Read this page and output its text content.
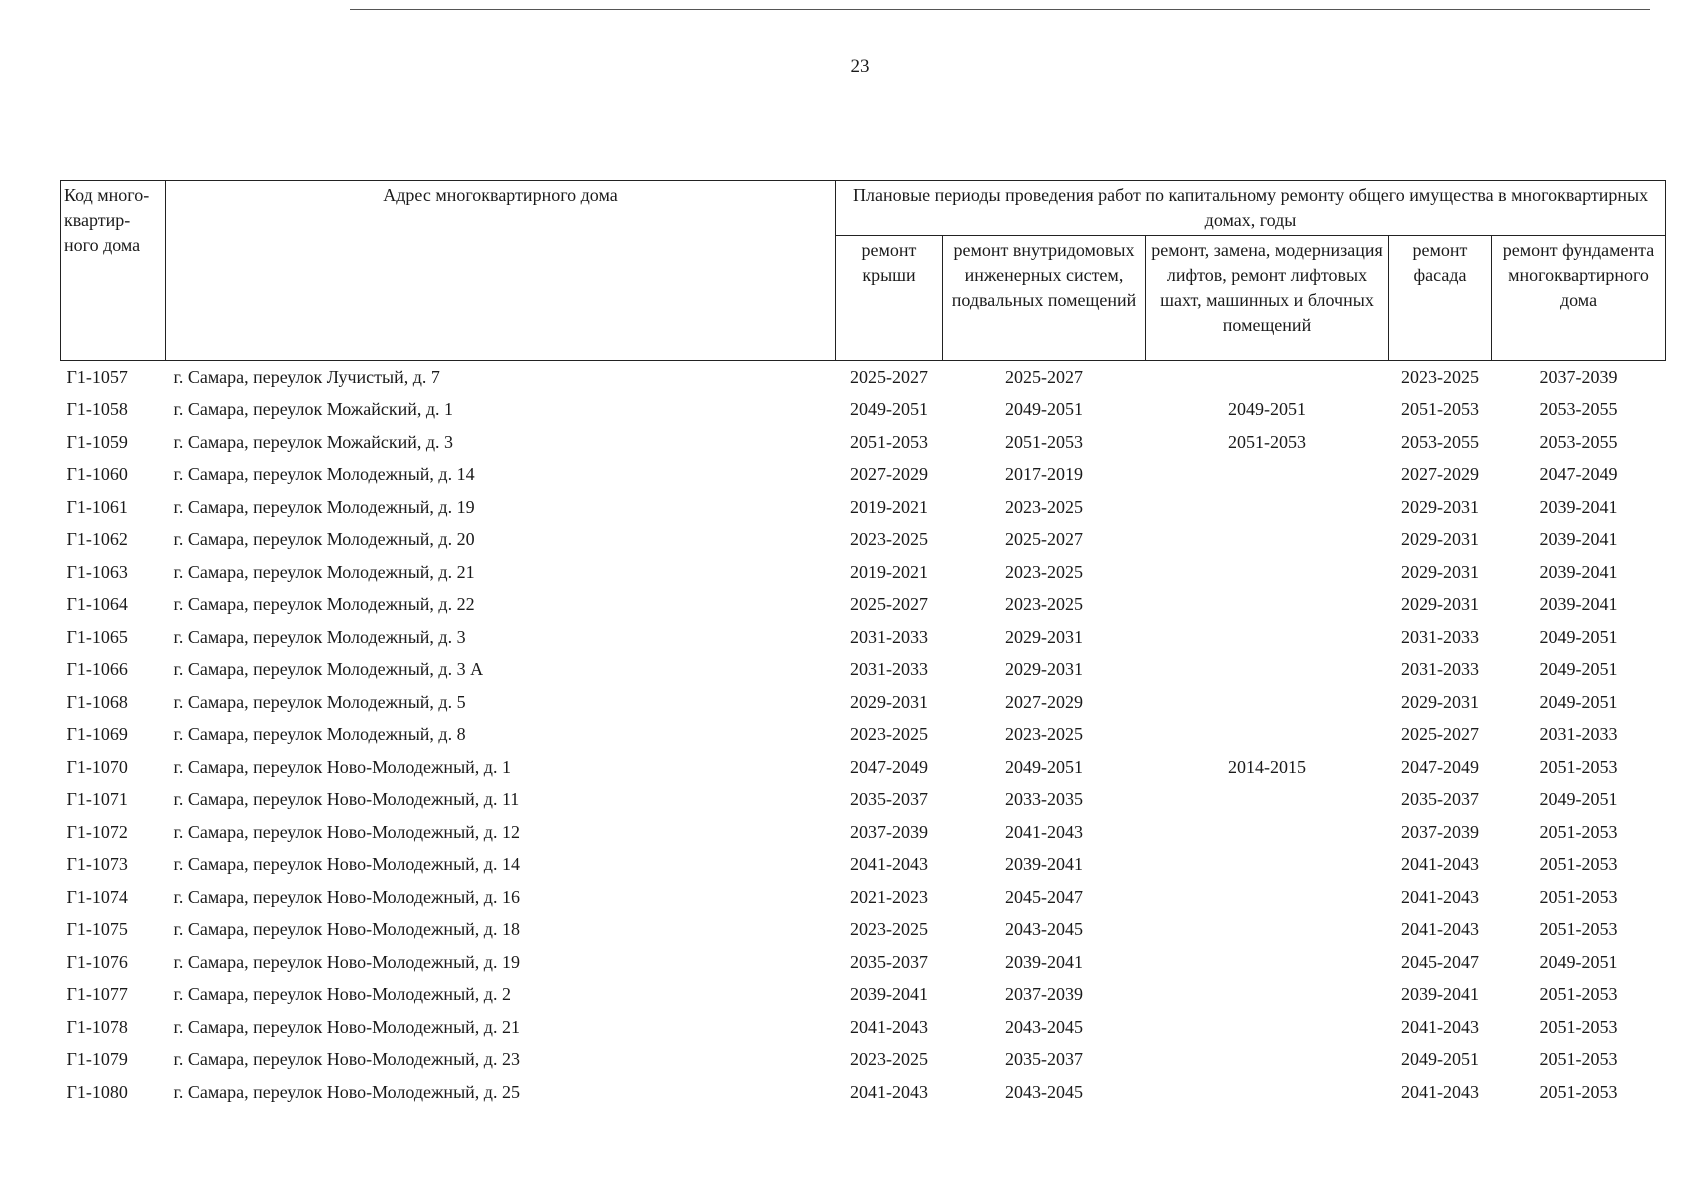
23
Код много-квартир-ного дома	Адрес многоквартирного дома	Плановые периоды проведения работ по капитальному ремонту общего имущества в многоквартирных домах, годы				
		ремонт крыши	ремонт внутридомовых инженерных систем, подвальных помещений	ремонт, замена, модернизация лифтов, ремонт лифтовых шахт, машинных и блочных помещений	ремонт фасада	ремонт фундамента многоквартирного дома
Г1-1057	г. Самара, переулок Лучистый, д. 7	2025-2027	2025-2027		2023-2025	2037-2039
Г1-1058	г. Самара, переулок Можайский, д. 1	2049-2051	2049-2051	2049-2051	2051-2053	2053-2055
Г1-1059	г. Самара, переулок Можайский, д. 3	2051-2053	2051-2053	2051-2053	2053-2055	2053-2055
Г1-1060	г. Самара, переулок Молодежный, д. 14	2027-2029	2017-2019		2027-2029	2047-2049
Г1-1061	г. Самара, переулок Молодежный, д. 19	2019-2021	2023-2025		2029-2031	2039-2041
Г1-1062	г. Самара, переулок Молодежный, д. 20	2023-2025	2025-2027		2029-2031	2039-2041
Г1-1063	г. Самара, переулок Молодежный, д. 21	2019-2021	2023-2025		2029-2031	2039-2041
Г1-1064	г. Самара, переулок Молодежный, д. 22	2025-2027	2023-2025		2029-2031	2039-2041
Г1-1065	г. Самара, переулок Молодежный, д. 3	2031-2033	2029-2031		2031-2033	2049-2051
Г1-1066	г. Самара, переулок Молодежный, д. 3 А	2031-2033	2029-2031		2031-2033	2049-2051
Г1-1068	г. Самара, переулок Молодежный, д. 5	2029-2031	2027-2029		2029-2031	2049-2051
Г1-1069	г. Самара, переулок Молодежный, д. 8	2023-2025	2023-2025		2025-2027	2031-2033
Г1-1070	г. Самара, переулок Ново-Молодежный, д. 1	2047-2049	2049-2051	2014-2015	2047-2049	2051-2053
Г1-1071	г. Самара, переулок Ново-Молодежный, д. 11	2035-2037	2033-2035		2035-2037	2049-2051
Г1-1072	г. Самара, переулок Ново-Молодежный, д. 12	2037-2039	2041-2043		2037-2039	2051-2053
Г1-1073	г. Самара, переулок Ново-Молодежный, д. 14	2041-2043	2039-2041		2041-2043	2051-2053
Г1-1074	г. Самара, переулок Ново-Молодежный, д. 16	2021-2023	2045-2047		2041-2043	2051-2053
Г1-1075	г. Самара, переулок Ново-Молодежный, д. 18	2023-2025	2043-2045		2041-2043	2051-2053
Г1-1076	г. Самара, переулок Ново-Молодежный, д. 19	2035-2037	2039-2041		2045-2047	2049-2051
Г1-1077	г. Самара, переулок Ново-Молодежный, д. 2	2039-2041	2037-2039		2039-2041	2051-2053
Г1-1078	г. Самара, переулок Ново-Молодежный, д. 21	2041-2043	2043-2045		2041-2043	2051-2053
Г1-1079	г. Самара, переулок Ново-Молодежный, д. 23	2023-2025	2035-2037		2049-2051	2051-2053
Г1-1080	г. Самара, переулок Ново-Молодежный, д. 25	2041-2043	2043-2045		2041-2043	2051-2053
